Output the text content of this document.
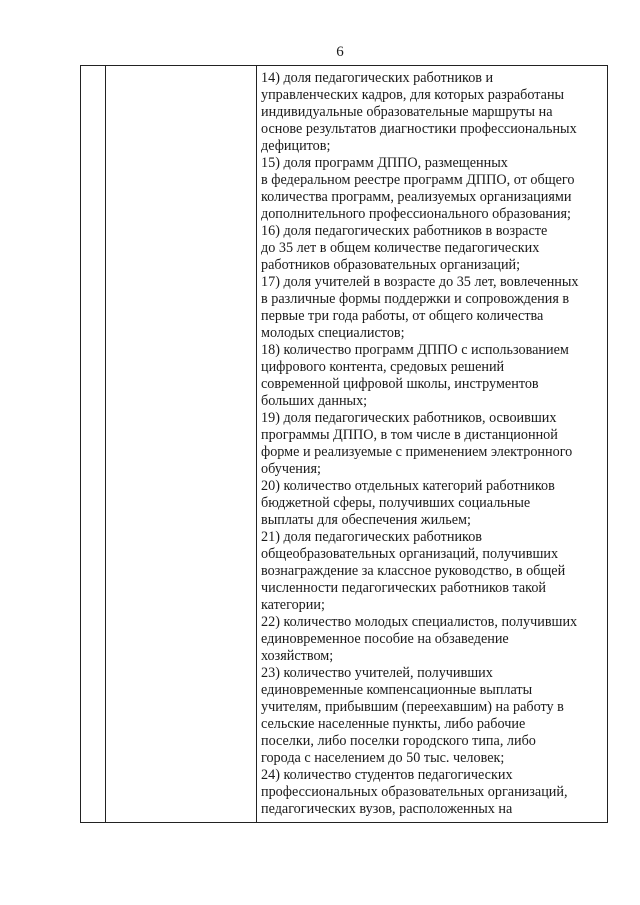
6
14) доля педагогических работников и
управленческих кадров, для которых разработаны
индивидуальные образовательные маршруты на
основе результатов диагностики профессиональных
дефицитов;
15) доля программ ДППО, размещенных
в федеральном реестре программ ДППО, от общего
количества программ, реализуемых организациями
дополнительного профессионального образования;
16) доля педагогических работников в возрасте
до 35 лет в общем количестве педагогических
работников образовательных организаций;
17) доля учителей в возрасте до 35 лет, вовлеченных
в различные формы поддержки и сопровождения в
первые три года работы, от общего количества
молодых специалистов;
18) количество программ ДППО с использованием
цифрового контента, средовых решений
современной цифровой школы, инструментов
больших данных;
19) доля педагогических работников, освоивших
программы ДППО, в том числе в дистанционной
форме и реализуемые с применением электронного
обучения;
20) количество отдельных категорий работников
бюджетной сферы, получивших социальные
выплаты для обеспечения жильем;
21) доля педагогических работников
общеобразовательных организаций, получивших
вознаграждение за классное руководство, в общей
численности педагогических работников такой
категории;
22) количество молодых специалистов, получивших
единовременное пособие на обзаведение
хозяйством;
23) количество учителей, получивших
единовременные компенсационные выплаты
учителям, прибывшим (переехавшим) на работу в
сельские населенные пункты, либо рабочие
поселки, либо поселки городского типа, либо
города с населением до 50 тыс. человек;
24) количество студентов педагогических
профессиональных образовательных организаций,
педагогических вузов, расположенных на
